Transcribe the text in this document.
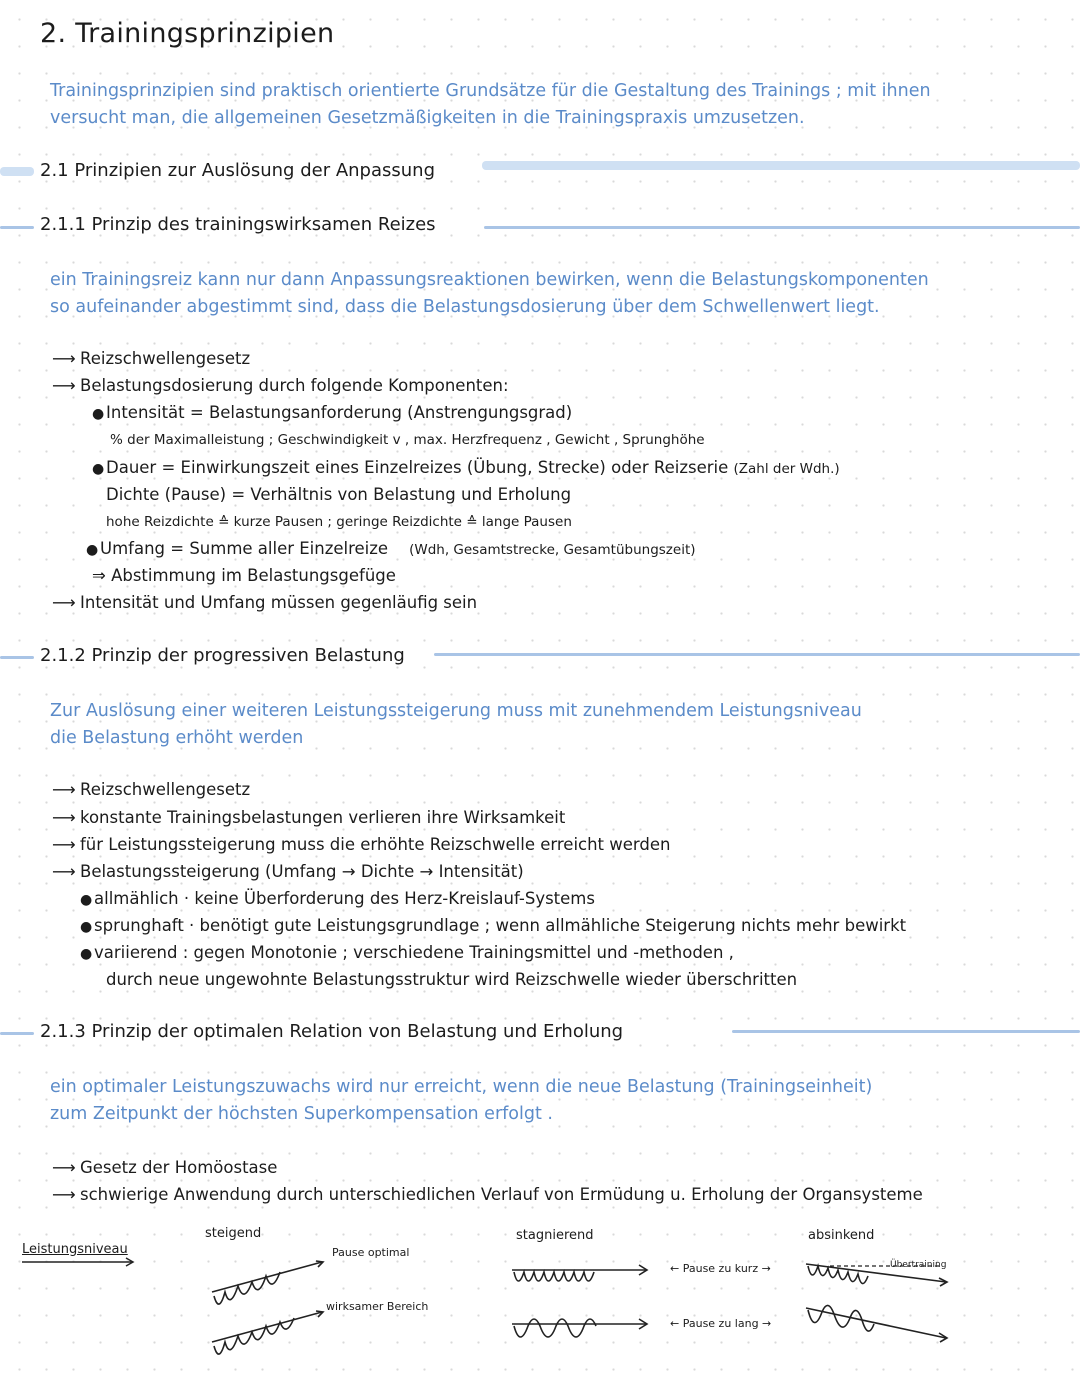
2. Trainingsprinzipien
Trainingsprinzipien sind praktisch orientierte Grundsätze für die Gestaltung des Trainings ; mit ihnen
versucht man, die allgemeinen Gesetzmäßigkeiten in die Trainingspraxis umzusetzen.
2.1 Prinzipien zur Auslösung der Anpassung
2.1.1 Prinzip des trainingswirksamen Reizes
ein Trainingsreiz kann nur dann Anpassungsreaktionen bewirken, wenn die Belastungskomponenten
so aufeinander abgestimmt sind, dass die Belastungsdosierung über dem Schwellenwert liegt.
⟶ Reizschwellengesetz
⟶ Belastungsdosierung durch folgende Komponenten:
● Intensität = Belastungsanforderung (Anstrengungsgrad)
% der Maximalleistung ; Geschwindigkeit v , max. Herzfrequenz , Gewicht , Sprunghöhe
● Dauer = Einwirkungszeit eines Einzelreizes (Übung, Strecke) oder Reizserie (Zahl der Wdh.)
Dichte (Pause) = Verhältnis von Belastung und Erholung
hohe Reizdichte ≙ kurze Pausen ; geringe Reizdichte ≙ lange Pausen
● Umfang = Summe aller Einzelreize (Wdh, Gesamtstrecke, Gesamtübungszeit)
⇒ Abstimmung im Belastungsgefüge
⟶ Intensität und Umfang müssen gegenläufig sein
2.1.2 Prinzip der progressiven Belastung
Zur Auslösung einer weiteren Leistungssteigerung muss mit zunehmendem Leistungsniveau
die Belastung erhöht werden
⟶ Reizschwellengesetz
⟶ konstante Trainingsbelastungen verlieren ihre Wirksamkeit
⟶ für Leistungssteigerung muss die erhöhte Reizschwelle erreicht werden
⟶ Belastungssteigerung (Umfang → Dichte → Intensität)
● allmählich · keine Überforderung des Herz-Kreislauf-Systems
● sprunghaft · benötigt gute Leistungsgrundlage ; wenn allmähliche Steigerung nichts mehr bewirkt
● variierend : gegen Monotonie ; verschiedene Trainingsmittel und -methoden ,
durch neue ungewohnte Belastungsstruktur wird Reizschwelle wieder überschritten
2.1.3 Prinzip der optimalen Relation von Belastung und Erholung
ein optimaler Leistungszuwachs wird nur erreicht, wenn die neue Belastung (Trainingseinheit)
zum Zeitpunkt der höchsten Superkompensation erfolgt .
⟶ Gesetz der Homöostase
⟶ schwierige Anwendung durch unterschiedlichen Verlauf von Ermüdung u. Erholung der Organsysteme
Leistungsniveau
steigend
Pause optimal
wirksamer Bereich
stagnierend
← Pause zu kurz →
← Pause zu lang →
absinkend
Übertraining
